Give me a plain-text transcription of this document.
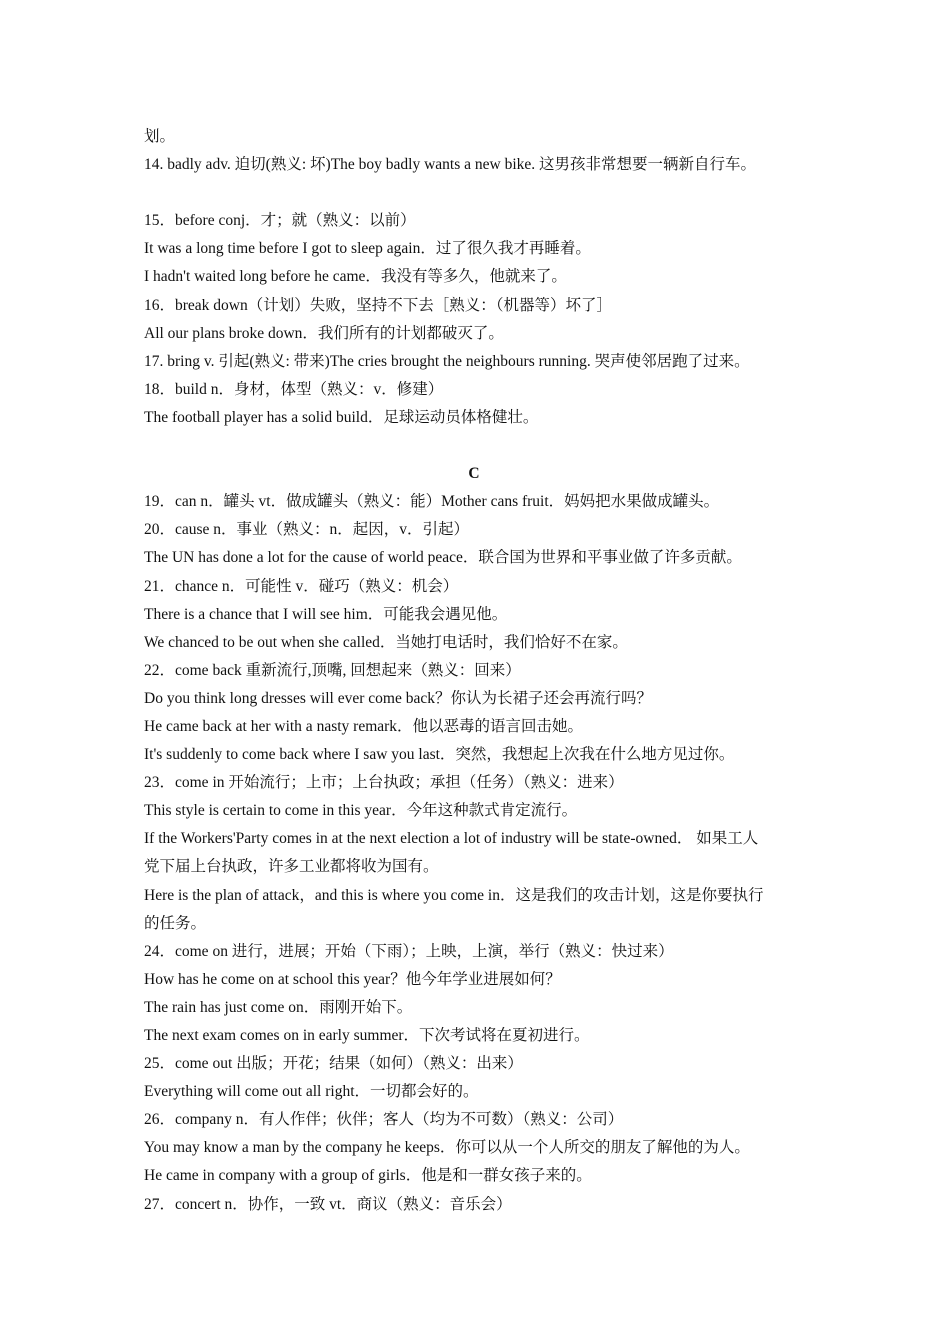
划。
14. badly adv. 迫切(熟义: 坏)The boy badly wants a new bike. 这男孩非常想要一辆新自行车。
15．before conj．才；就（熟义：以前）
It was a long time before I got to sleep again．过了很久我才再睡着。
I hadn't waited long before he came．我没有等多久，他就来了。
16．break down（计划）失败，坚持不下去［熟义：（机器等）坏了］
All our plans broke down．我们所有的计划都破灭了。
17. bring v. 引起(熟义: 带来)The cries brought the neighbours running. 哭声使邻居跑了过来。
18．build n．身材，体型（熟义：v．修建）
The football player has a solid build．足球运动员体格健壮。
C
19．can n．罐头 vt．做成罐头（熟义：能）Mother cans fruit．妈妈把水果做成罐头。
20．cause n．事业（熟义：n．起因，v．引起）
The UN has done a lot for the cause of world peace．联合国为世界和平事业做了许多贡献。
21．chance n．可能性 v．碰巧（熟义：机会）
There is a chance that I will see him．可能我会遇见他。
We chanced to be out when she called．当她打电话时，我们恰好不在家。
22．come back 重新流行,顶嘴, 回想起来（熟义：回来）
Do you think long dresses will ever come back？你认为长裙子还会再流行吗？
He came back at her with a nasty remark．他以恶毒的语言回击她。
It's suddenly to come back where I saw you last．突然，我想起上次我在什么地方见过你。
23．come in 开始流行；上市；上台执政；承担（任务）（熟义：进来）
This style is certain to come in this year．今年这种款式肯定流行。
If the Workers'Party comes in at the next election a lot of industry will be state-owned． 如果工人
党下届上台执政，许多工业都将收为国有。
Here is the plan of attack，and this is where you come in．这是我们的攻击计划，这是你要执行
的任务。
24．come on 进行，进展；开始（下雨）；上映，上演，举行（熟义：快过来）
How has he come on at school this year？他今年学业进展如何？
The rain has just come on．雨刚开始下。
The next exam comes on in early summer．下次考试将在夏初进行。
25．come out 出版；开花；结果（如何）（熟义：出来）
Everything will come out all right．一切都会好的。
26．company n．有人作伴；伙伴；客人（均为不可数）（熟义：公司）
You may know a man by the company he keeps．你可以从一个人所交的朋友了解他的为人。
He came in company with a group of girls．他是和一群女孩子来的。
27．concert n．协作，一致 vt．商议（熟义：音乐会）
